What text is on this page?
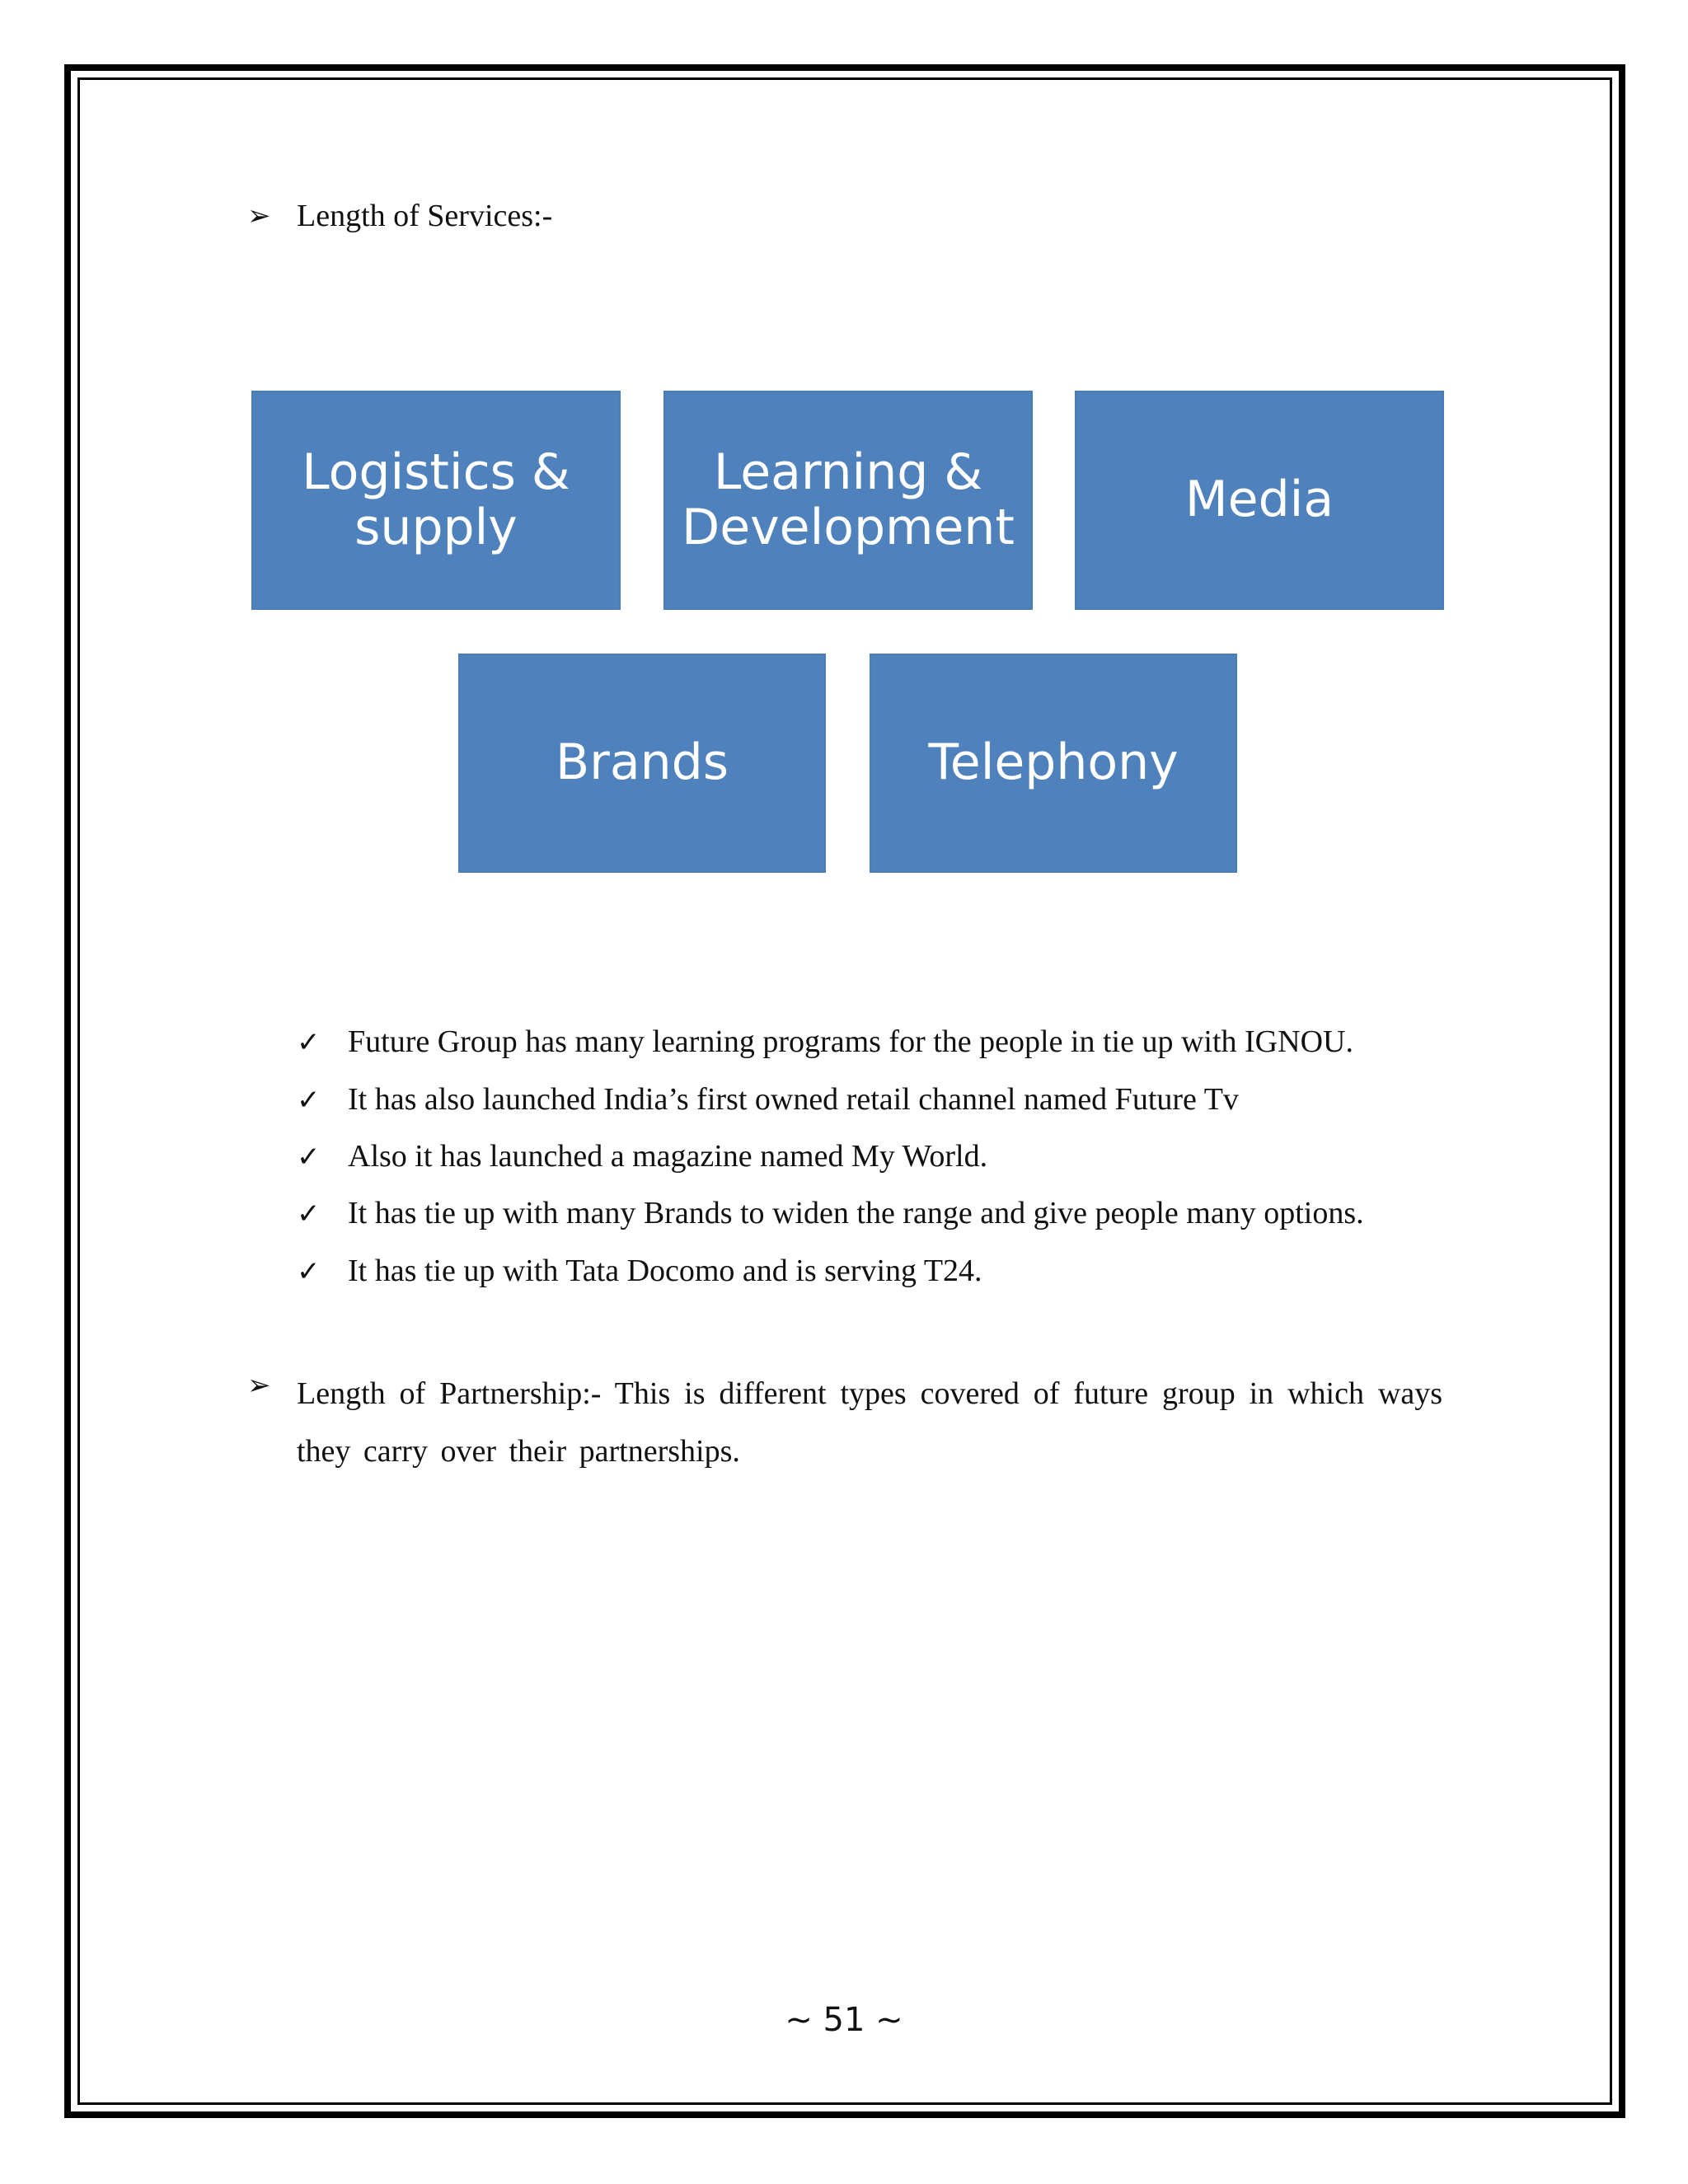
➢ Length of Services:-
Logistics & supply
Learning & Development	Media
Brands	Telephony
✓ Future Group has many learning programs for the people in tie up with IGNOU.
✓ It has also launched India’s first owned retail channel named Future Tv
✓ Also it has launched a magazine named My World.
✓ It has tie up with many Brands to widen the range and give people many options.
✓ It has tie up with Tata Docomo and is serving T24.
➢ Length of Partnership:- This is different types covered of future group in which ways they carry over their partnerships.
~ 51 ~
